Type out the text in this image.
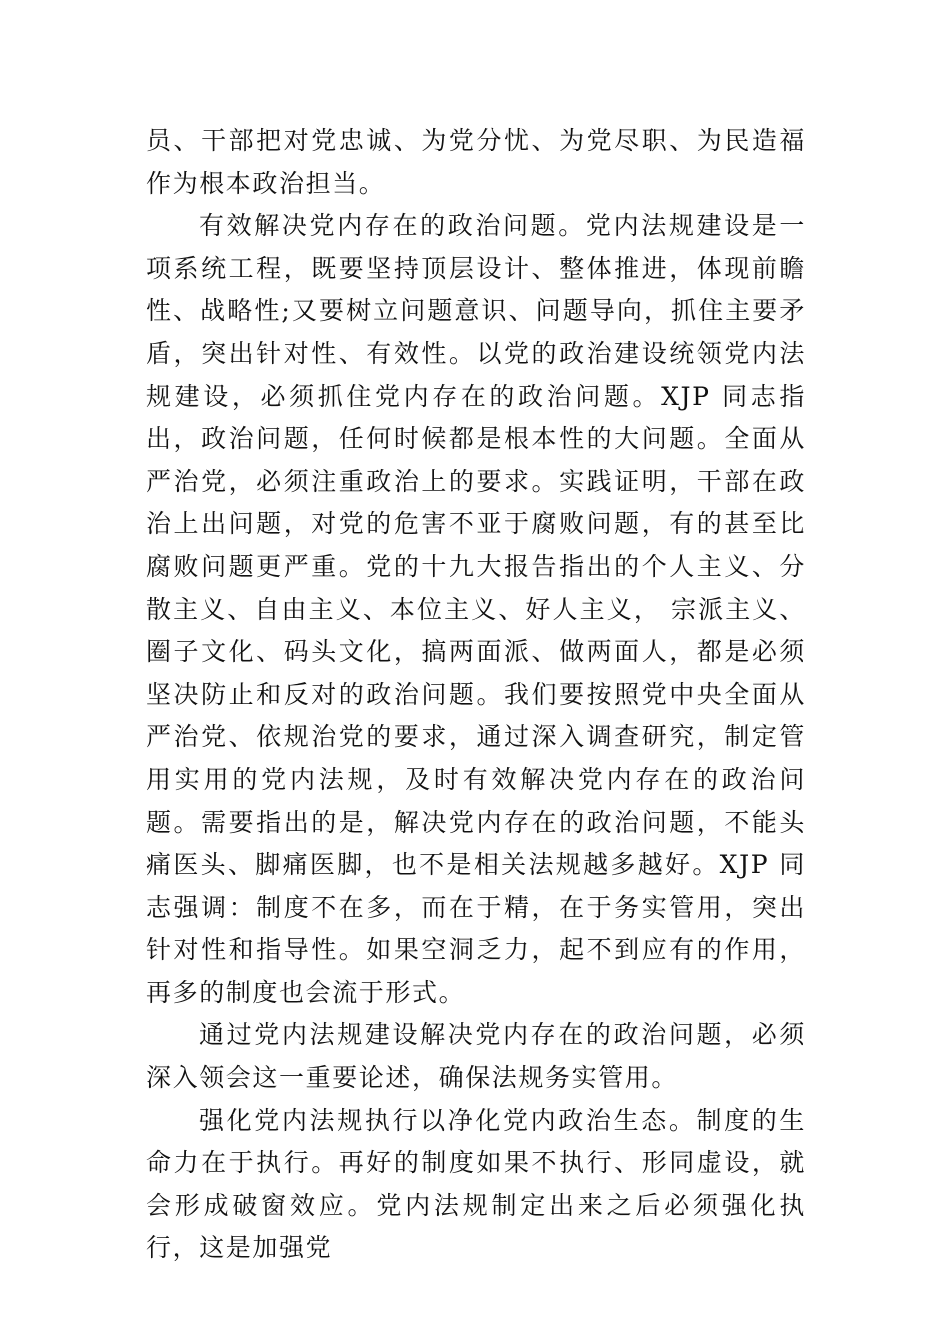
员、干部把对党忠诚、为党分忧、为党尽职、为民造福作为根本政治担当。

有效解决党内存在的政治问题。党内法规建设是一项系统工程，既要坚持顶层设计、整体推进，体现前瞻性、战略性;又要树立问题意识、问题导向，抓住主要矛盾，突出针对性、有效性。以党的政治建设统领党内法规建设，必须抓住党内存在的政治问题。XJP 同志指出，政治问题，任何时候都是根本性的大问题。全面从严治党，必须注重政治上的要求。实践证明，干部在政治上出问题，对党的危害不亚于腐败问题，有的甚至比腐败问题更严重。党的十九大报告指出的个人主义、分散主义、自由主义、本位主义、好人主义， 宗派主义、圈子文化、码头文化，搞两面派、做两面人，都是必须坚决防止和反对的政治问题。我们要按照党中央全面从严治党、依规治党的要求，通过深入调查研究，制定管用实用的党内法规，及时有效解决党内存在的政治问题。需要指出的是，解决党内存在的政治问题，不能头痛医头、脚痛医脚，也不是相关法规越多越好。XJP 同志强调：制度不在多，而在于精，在于务实管用，突出针对性和指导性。如果空洞乏力，起不到应有的作用，再多的制度也会流于形式。

通过党内法规建设解决党内存在的政治问题，必须深入领会这一重要论述，确保法规务实管用。

强化党内法规执行以净化党内政治生态。制度的生命力在于执行。再好的制度如果不执行、形同虚设，就会形成破窗效应。党内法规制定出来之后必须强化执行，这是加强党
